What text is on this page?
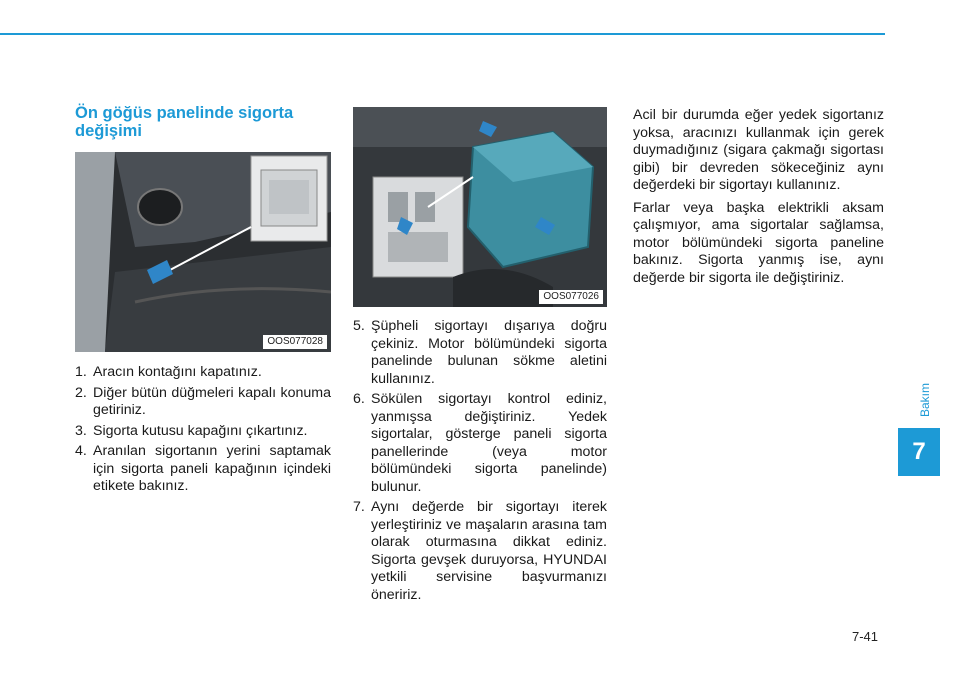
Ön göğüs panelinde sigorta değişimi
OOS077028
1. Aracın kontağını kapatınız.
2. Diğer bütün düğmeleri kapalı konuma getiriniz.
3. Sigorta kutusu kapağını çıkartınız.
4. Aranılan sigortanın yerini saptamak için sigorta paneli kapağının içindeki etikete bakınız.
OOS077026
5. Şüpheli sigortayı dışarıya doğru çekiniz. Motor bölümündeki sigorta panelinde bulunan sökme aletini kullanınız.
6. Sökülen sigortayı kontrol ediniz, yanmışsa değiştiriniz. Yedek sigortalar, gösterge paneli sigorta panellerinde (veya motor bölümündeki sigorta panelinde) bulunur.
7. Aynı değerde bir sigortayı iterek yerleştiriniz ve maşaların arasına tam olarak oturmasına dikkat ediniz. Sigorta gevşek duruyorsa, HYUNDAI yetkili servisine başvurmanızı öneririz.

Acil bir durumda eğer yedek sigortanız yoksa, aracınızı kullanmak için gerek duymadığınız (sigara çakmağı sigortası gibi) bir devreden sökeceğiniz aynı değerdeki bir sigortayı kullanınız.

Farlar veya başka elektrikli aksam çalışmıyor, ama sigortalar sağlamsa, motor bölümündeki sigorta paneline bakınız. Sigorta yanmış ise, aynı değerde bir sigorta ile değiştiriniz.

Bakım
7
7-41
